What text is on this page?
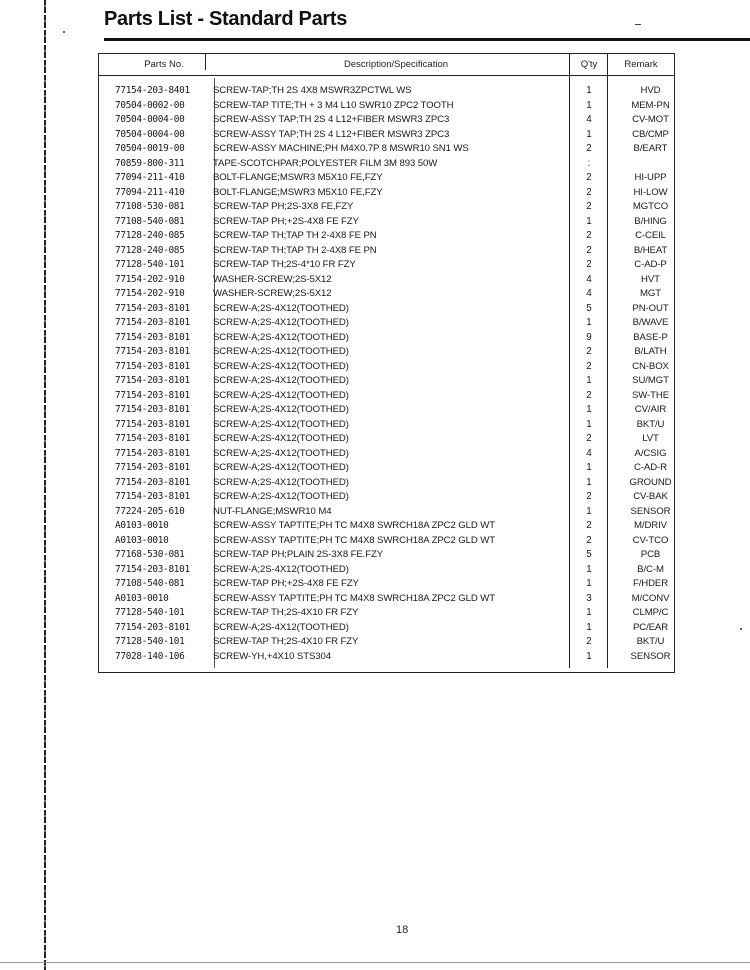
Parts List - Standard Parts
Parts No.	Description/Specification	Q'ty	Remark
77154-203-8401	SCREW-TAP;TH 2S 4X8 MSWR3ZPCTWL WS	1	HVD
70504-0002-00	SCREW-TAP TITE;TH + 3 M4 L10 SWR10 ZPC2 TOOTH	1	MEM-PN
70504-0004-00	SCREW-ASSY TAP;TH 2S 4 L12+FIBER MSWR3 ZPC3	4	CV-MOT
70504-0004-00	SCREW-ASSY TAP;TH 2S 4 L12+FIBER MSWR3 ZPC3	1	CB/CMP
70504-0019-00	SCREW-ASSY MACHINE;PH M4X0.7P 8 MSWR10 SN1 WS	2	B/EART
70859-800-311	TAPE-SCOTCHPAR;POLYESTER FILM 3M 893 50W	:
77094-211-410	BOLT-FLANGE;MSWR3 M5X10 FE,FZY	2	HI-UPP
77094-211-410	BOLT-FLANGE;MSWR3 M5X10 FE,FZY	2	HI-LOW
77108-530-081	SCREW-TAP PH;2S-3X8 FE,FZY	2	MGTCO
77108-540-081	SCREW-TAP PH;+2S-4X8 FE FZY	1	B/HING
77128-240-085	SCREW-TAP TH;TAP TH 2-4X8 FE PN	2	C-CEIL
77128-240-085	SCREW-TAP TH;TAP TH 2-4X8 FE PN	2	B/HEAT
77128-540-101	SCREW-TAP TH;2S-4*10 FR FZY	2	C-AD-P
77154-202-910	WASHER-SCREW;2S-5X12	4	HVT
77154-202-910	WASHER-SCREW;2S-5X12	4	MGT
77154-203-8101	SCREW-A;2S-4X12(TOOTHED)	5	PN-OUT
77154-203-8101	SCREW-A;2S-4X12(TOOTHED)	1	B/WAVE
77154-203-8101	SCREW-A;2S-4X12(TOOTHED)	9	BASE-P
77154-203-8101	SCREW-A;2S-4X12(TOOTHED)	2	B/LATH
77154-203-8101	SCREW-A;2S-4X12(TOOTHED)	2	CN-BOX
77154-203-8101	SCREW-A;2S-4X12(TOOTHED)	1	SU/MGT
77154-203-8101	SCREW-A;2S-4X12(TOOTHED)	2	SW-THE
77154-203-8101	SCREW-A;2S-4X12(TOOTHED)	1	CV/AIR
77154-203-8101	SCREW-A;2S-4X12(TOOTHED)	1	BKT/U
77154-203-8101	SCREW-A;2S-4X12(TOOTHED)	2	LVT
77154-203-8101	SCREW-A;2S-4X12(TOOTHED)	4	A/CSIG
77154-203-8101	SCREW-A;2S-4X12(TOOTHED)	1	C-AD-R
77154-203-8101	SCREW-A;2S-4X12(TOOTHED)	1	GROUND
77154-203-8101	SCREW-A;2S-4X12(TOOTHED)	2	CV-BAK
77224-205-610	NUT-FLANGE;MSWR10 M4	1	SENSOR
A0103-0010	SCREW-ASSY TAPTITE;PH TC M4X8 SWRCH18A ZPC2 GLD WT	2	M/DRIV
A0103-0010	SCREW-ASSY TAPTITE;PH TC M4X8 SWRCH18A ZPC2 GLD WT	2	CV-TCO
77168-530-081	SCREW-TAP PH;PLAIN 2S-3X8 FE.FZY	5	PCB
77154-203-8101	SCREW-A;2S-4X12(TOOTHED)	1	B/C-M
77108-540-081	SCREW-TAP PH;+2S-4X8 FE FZY	1	F/HDER
A0103-0010	SCREW-ASSY TAPTITE;PH TC M4X8 SWRCH18A ZPC2 GLD WT	3	M/CONV
77128-540-101	SCREW-TAP TH;2S-4X10 FR FZY	1	CLMP/C
77154-203-8101	SCREW-A;2S-4X12(TOOTHED)	1	PC/EAR
77128-540-101	SCREW-TAP TH;2S-4X10 FR FZY	2	BKT/U
77028-140-106	SCREW-YH,+4X10 STS304	1	SENSOR
18
